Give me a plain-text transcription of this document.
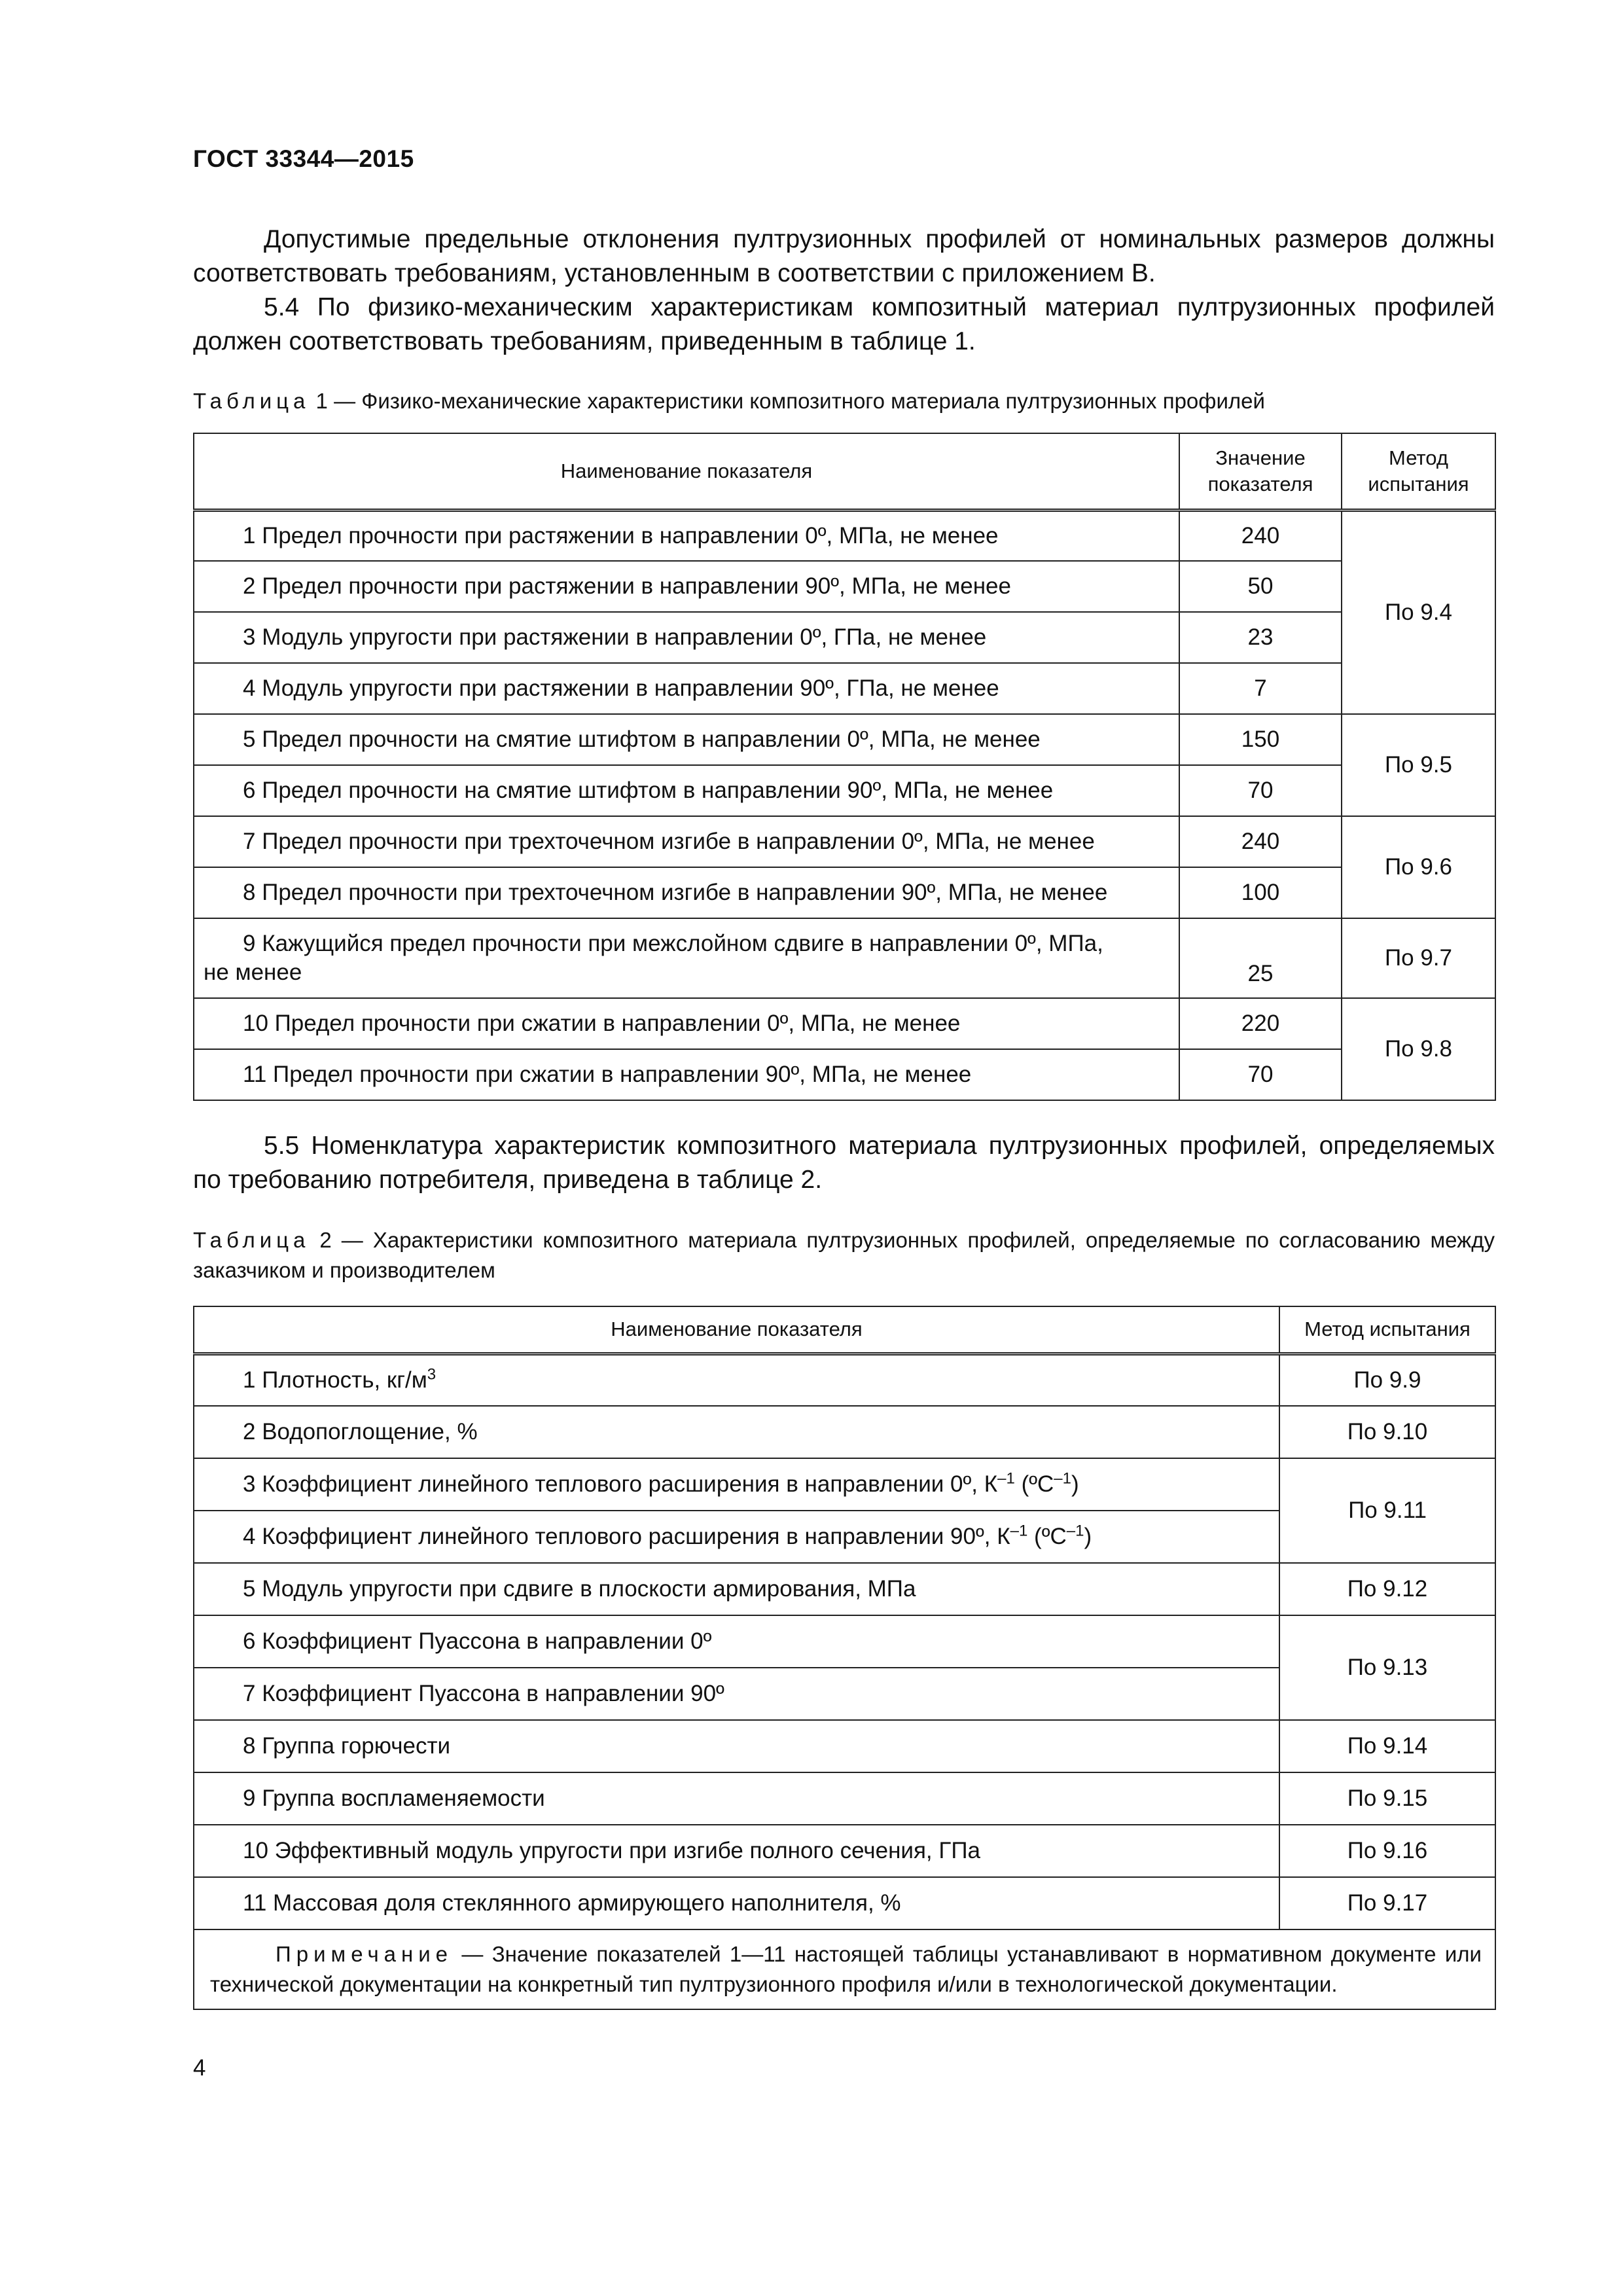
ГОСТ 33344—2015
Допустимые предельные отклонения пултрузионных профилей от номинальных размеров должны соответствовать требованиям, установленным в соответствии с приложением В.
5.4 По физико-механическим характеристикам композитный материал пултрузионных профилей должен соответствовать требованиям, приведенным в таблице 1.
Таблица 1 — Физико-механические характеристики композитного материала пултрузионных профилей
Наименование показателя	Значение показателя	Метод испытания
1 Предел прочности при растяжении в направлении 0º, МПа, не менее	240	По 9.4
2 Предел прочности при растяжении в направлении 90º, МПа, не менее	50	
3 Модуль упругости при растяжении в направлении 0º, ГПа, не менее	23	
4 Модуль упругости при растяжении в направлении 90º, ГПа, не менее	7	
5 Предел прочности на смятие штифтом в направлении 0º, МПа, не менее	150	По 9.5
6 Предел прочности на смятие штифтом в направлении 90º, МПа, не менее	70	
7 Предел прочности при трехточечном изгибе в направлении 0º, МПа, не менее	240	По 9.6
8 Предел прочности при трехточечном изгибе в направлении 90º, МПа, не менее	100	
9 Кажущийся предел прочности при межслойном сдвиге в направлении 0º, МПа,
не менее	25	По 9.7
10 Предел прочности при сжатии в направлении 0º, МПа, не менее	220	По 9.8
11 Предел прочности при сжатии в направлении 90º, МПа, не менее	70	
5.5 Номенклатура характеристик композитного материала пултрузионных профилей, определяемых по требованию потребителя, приведена в таблице 2.
Таблица 2 — Характеристики композитного материала пултрузионных профилей, определяемые по согласованию между заказчиком и производителем
Наименование показателя	Метод испытания
1 Плотность, $кг/м^3$	По 9.9
2 Водопоглощение, %	По 9.10
3 Коэффициент линейного теплового расширения в направлении 0º, $К^{-1}$ (ºС$^{-1}$)	По 9.11
4 Коэффициент линейного теплового расширения в направлении 90º, $К^{-1}$ (ºС$^{-1}$)	
5 Модуль упругости при сдвиге в плоскости армирования, МПа	По 9.12
6 Коэффициент Пуассона в направлении 0º	По 9.13
7 Коэффициент Пуассона в направлении 90º	
8 Группа горючести	По 9.14
9 Группа воспламеняемости	По 9.15
10 Эффективный модуль упругости при изгибе полного сечения, ГПа	По 9.16
11 Массовая доля стеклянного армирующего наполнителя, %	По 9.17
Примечание — Значение показателей 1—11 настоящей таблицы устанавливают в нормативном документе или технической документации на конкретный тип пултрузионного профиля и/или в технологической документации.	
4
